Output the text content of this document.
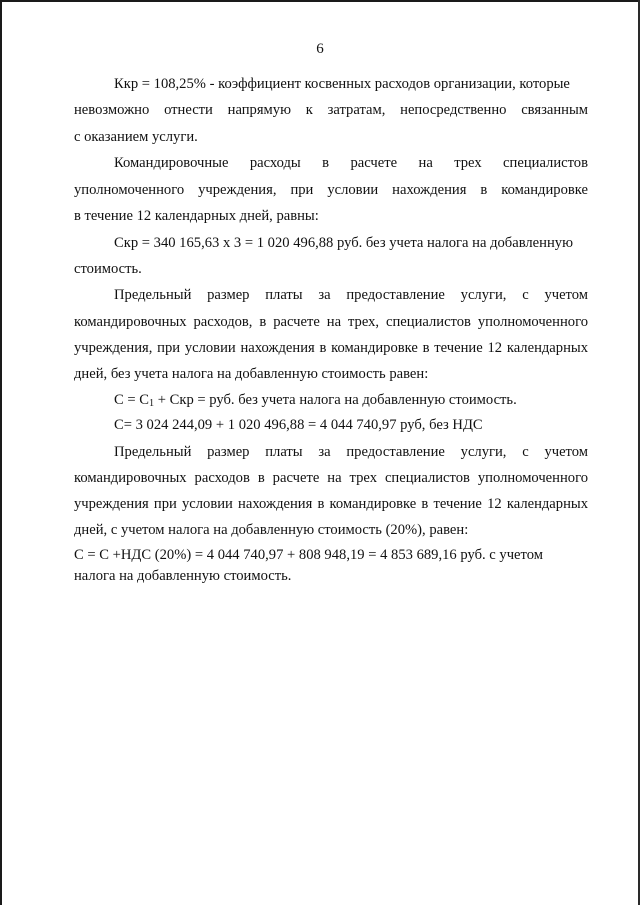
6
Ккр = 108,25% - коэффициент косвенных расходов организации, которые
невозможно отнести напрямую к затратам, непосредственно связанным
с оказанием услуги.
Командировочные расходы в расчете на трех специалистов
уполномоченного учреждения, при условии нахождения в командировке
в течение 12 календарных дней, равны:
Скр = 340 165,63 х 3 = 1 020 496,88 руб. без учета налога на добавленную
стоимость.
Предельный размер платы за предоставление услуги, с учетом
командировочных расходов, в расчете на трех, специалистов уполномоченного
учреждения, при условии нахождения в командировке в течение 12 календарных
дней, без учета налога на добавленную стоимость равен:
$С = С_1$ + Скр = руб. без учета налога на добавленную стоимость.
С= 3 024 244,09 + 1 020 496,88 = 4 044 740,97 руб, без НДС
Предельный размер платы за предоставление услуги, с учетом
командировочных расходов в расчете на трех специалистов уполномоченного
учреждения при условии нахождения в командировке в течение 12 календарных
дней, с учетом налога на добавленную стоимость (20%), равен:
С = С +НДС (20%) = 4 044 740,97 + 808 948,19 = 4 853 689,16 руб. с учетом
налога на добавленную стоимость.
